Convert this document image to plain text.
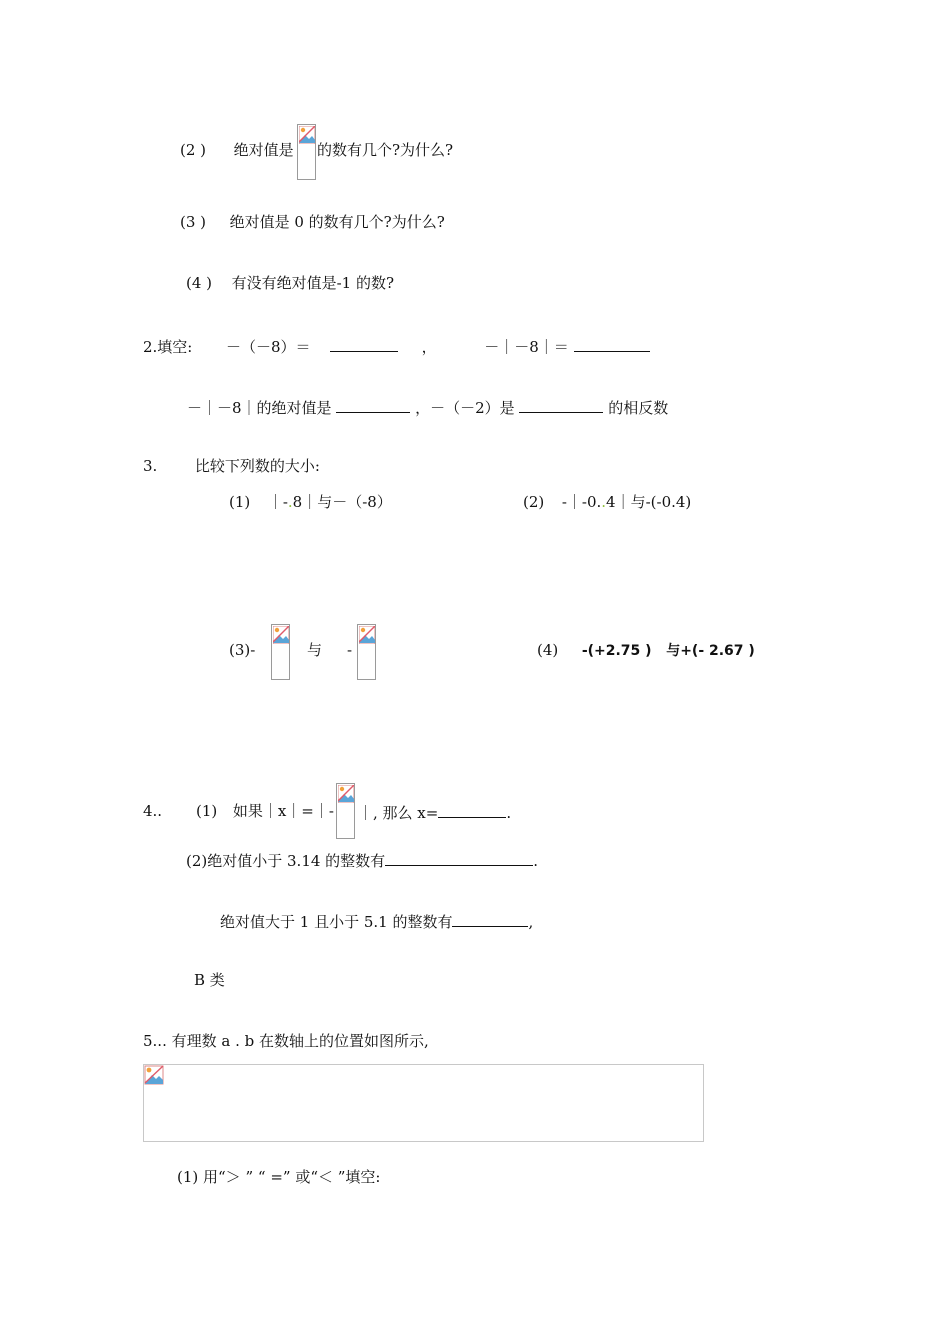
(2 ) 绝对值是 的数有几个?为什么?
(3 ) 绝对值是 0 的数有几个?为什么?
(4 ) 有没有绝对值是-1 的数?
2.填空: －（－8）＝	，	－｜－8｜＝
－｜－8｜的绝对值是	，－（－2）是	的相反数
3.	比较下列数的大小:
(1) ｜-.8｜与－（-8）	(2) -｜-0..4｜与-(-0.4)
(3)-	与 -	(4) -(+2.75 )   与+(- 2.67 )
4.. (1) 如果｜x｜=｜- ｜, 那么 x=	.
(2)绝对值小于 3.14 的整数有	.
绝对值大于 1 且小于 5.1 的整数有	,
B 类
5... 有理数 a . b 在数轴上的位置如图所示,
(1) 用“＞ ” “ =” 或“＜ ”填空:
